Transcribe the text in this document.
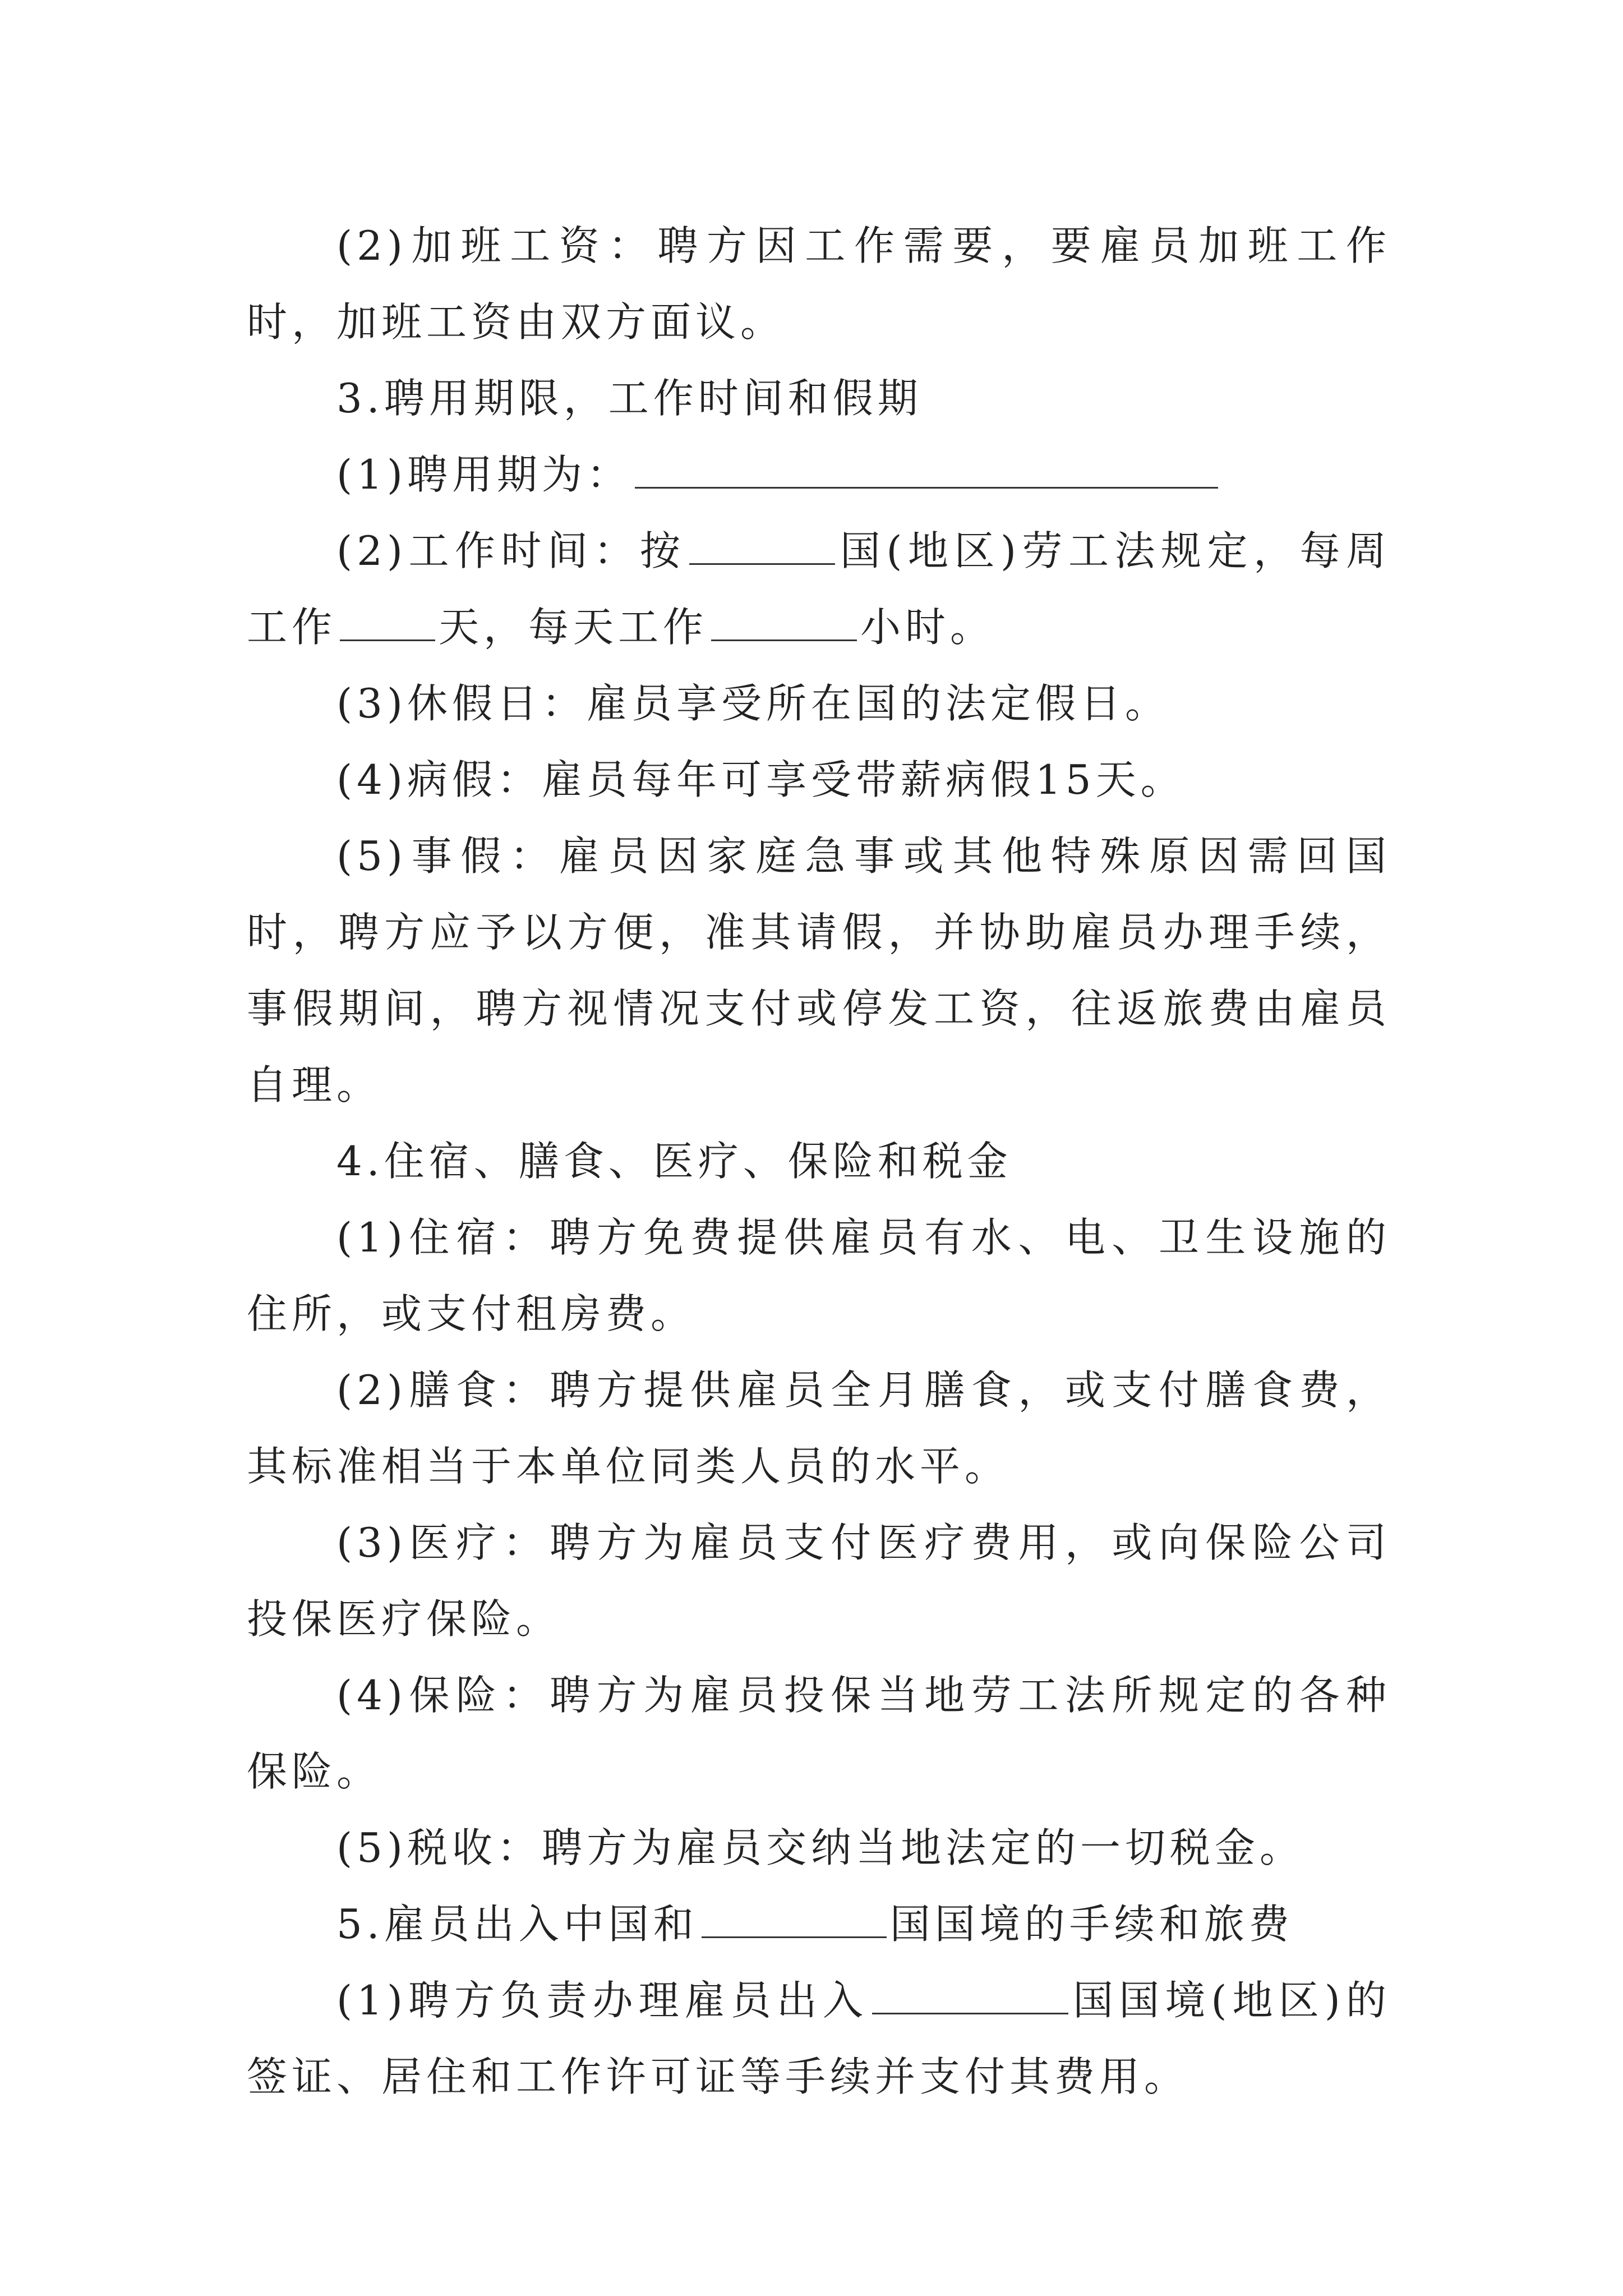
(2)加班工资：聘方因工作需要，要雇员加班工作时，加班工资由双方面议。

3.聘用期限，工作时间和假期

(1)聘用期为：

(2)工作时间：按	国(地区)劳工法规定，每周工作	天，每天工作	小时。

(3)休假日：雇员享受所在国的法定假日。

(4)病假：雇员每年可享受带薪病假15天。

(5)事假：雇员因家庭急事或其他特殊原因需回国时，聘方应予以方便，准其请假，并协助雇员办理手续，事假期间，聘方视情况支付或停发工资，往返旅费由雇员自理。

4.住宿、膳食、医疗、保险和税金

(1)住宿：聘方免费提供雇员有水、电、卫生设施的住所，或支付租房费。

(2)膳食：聘方提供雇员全月膳食，或支付膳食费，其标准相当于本单位同类人员的水平。

(3)医疗：聘方为雇员支付医疗费用，或向保险公司投保医疗保险。

(4)保险：聘方为雇员投保当地劳工法所规定的各种保险。

(5)税收：聘方为雇员交纳当地法定的一切税金。

5.雇员出入中国和	国国境的手续和旅费

(1)聘方负责办理雇员出入	国国境(地区)的签证、居住和工作许可证等手续并支付其费用。
